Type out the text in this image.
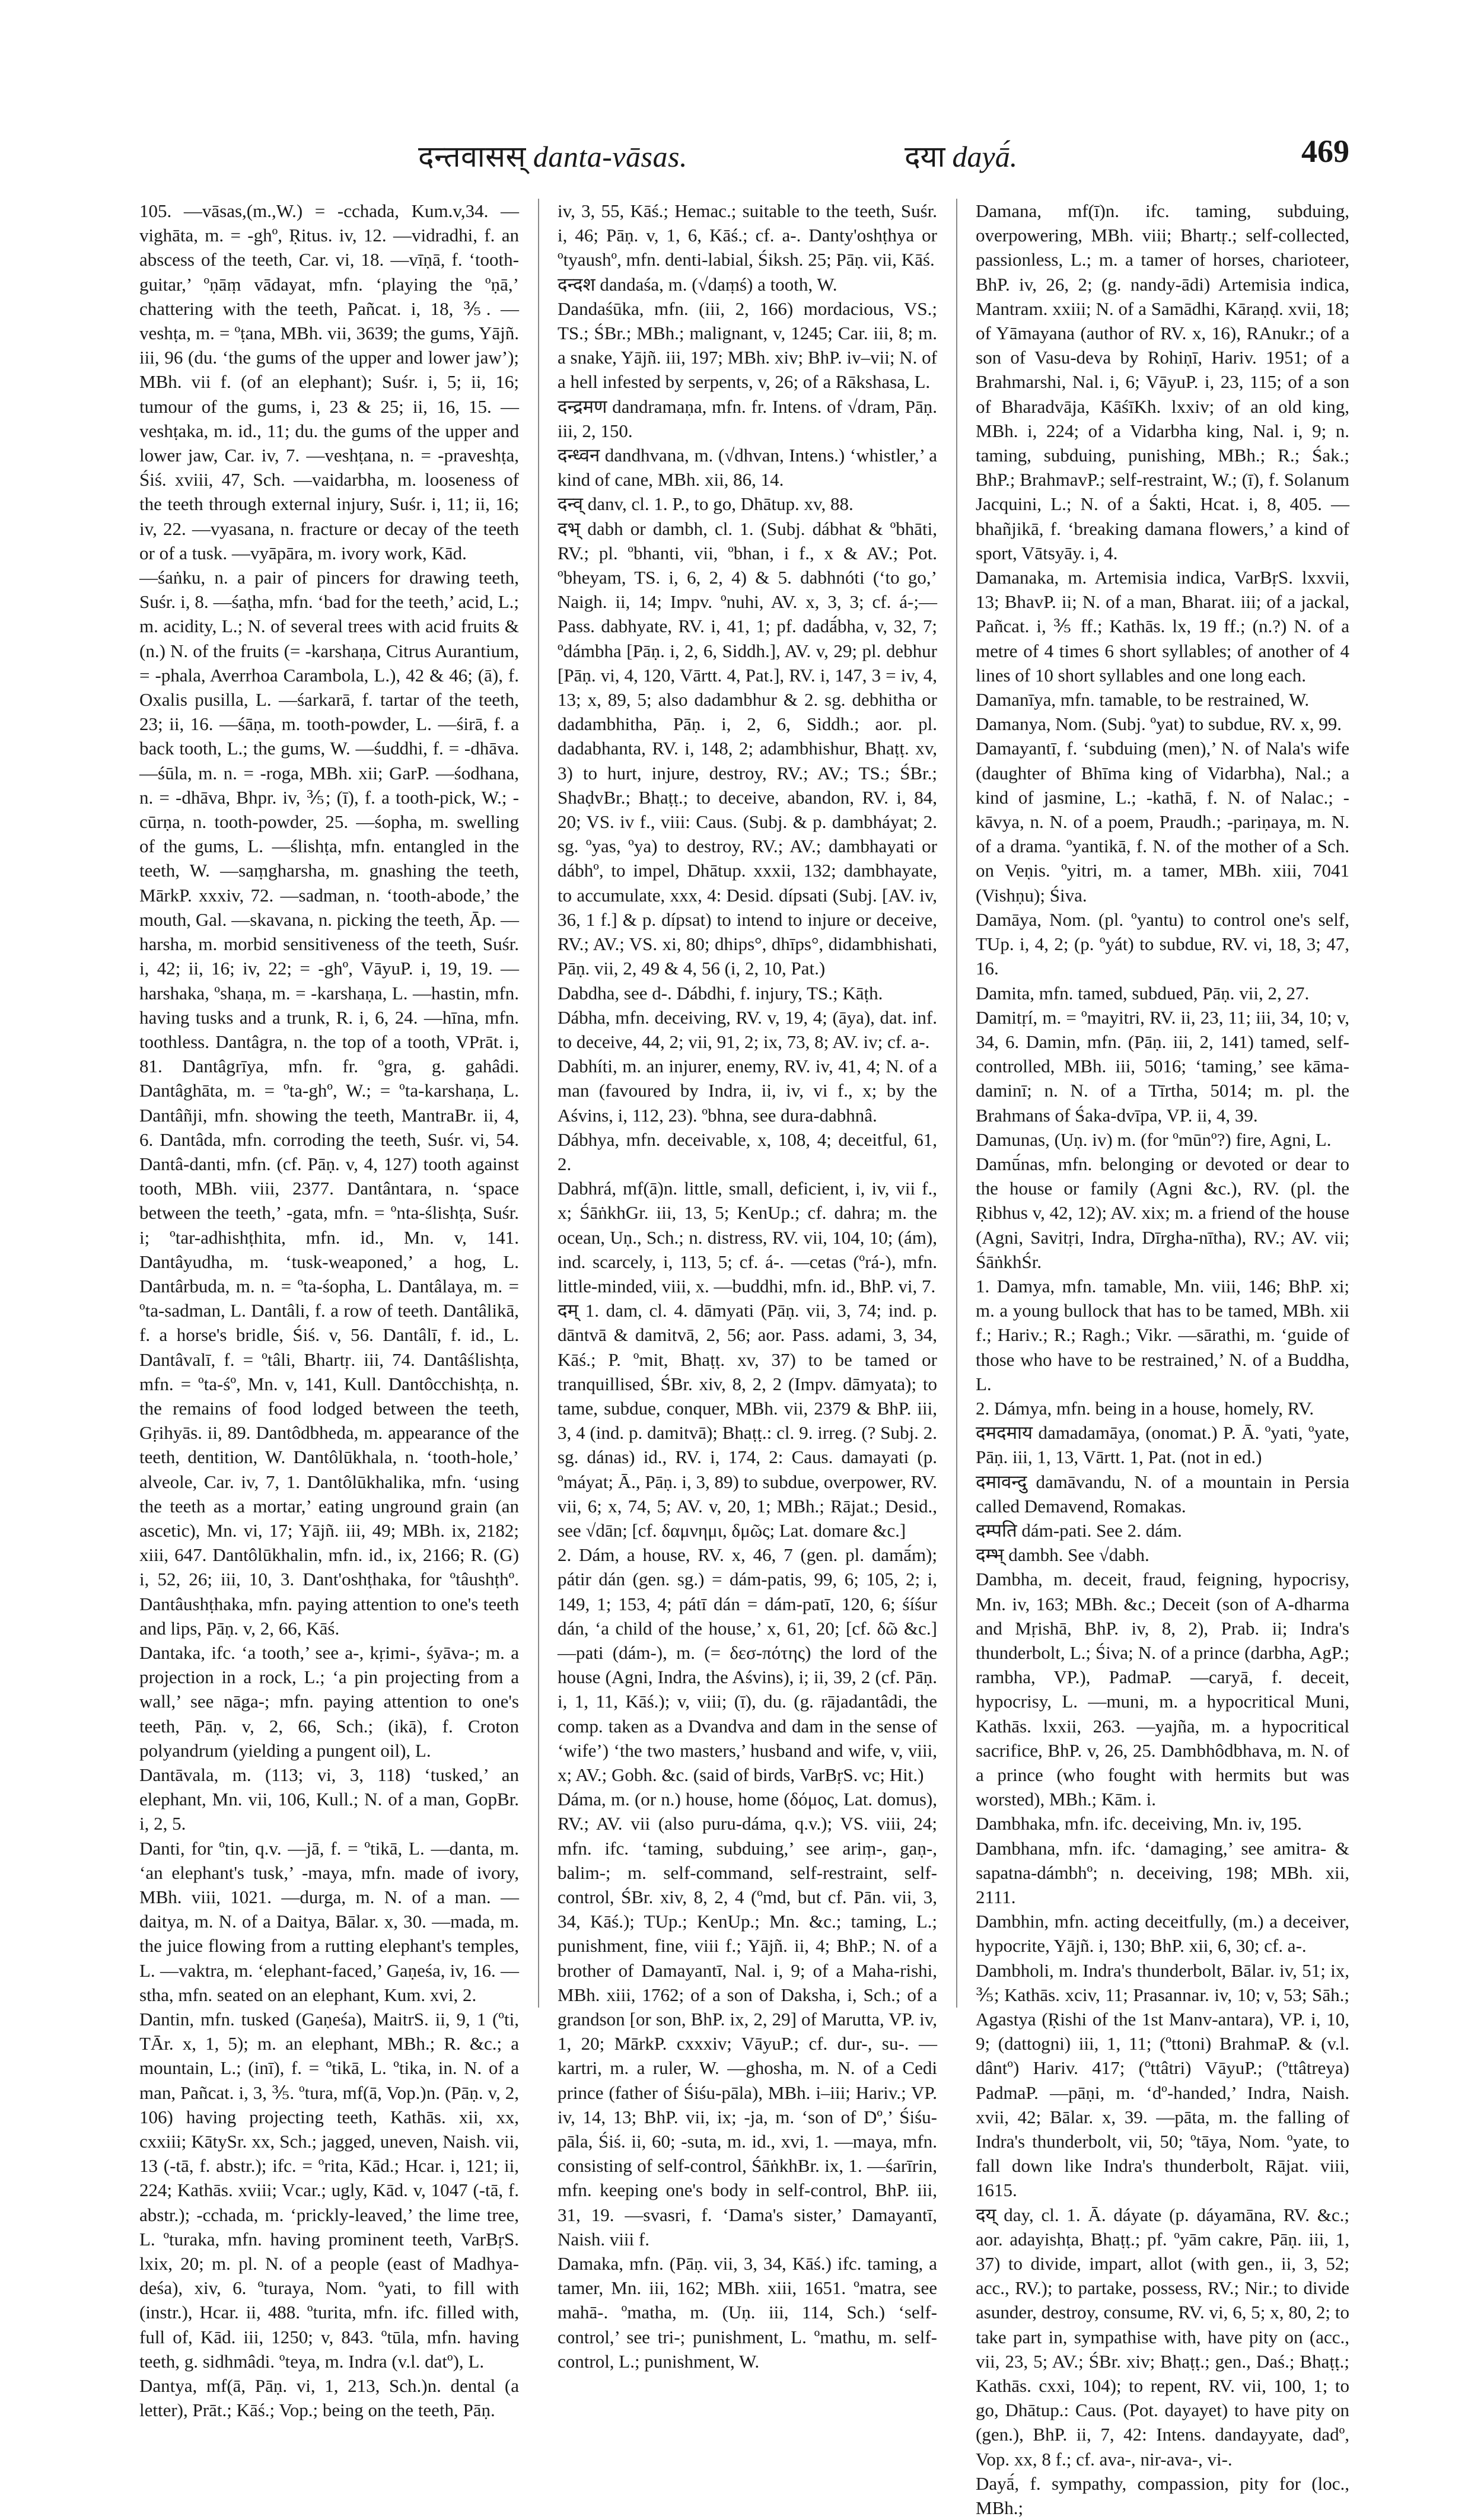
दन्तवासस् danta-vāsas.	दया dayā́.	469

105. —vāsas,(m.,W.) = -cchada, Kum.v,34. —vighāta, m. = -ghº, Ṛitus. iv, 12. —vidradhi, f. an abscess of the teeth, Car. vi, 18. —vīṇā, f. ‘tooth-guitar,’ ºṇāṃ vādayat, mfn. ‘playing the ºṇā,’ chattering with the teeth, Pañcat. i, 18, ⅗. —veshṭa, m. = ºṭana, MBh. vii, 3639; the gums, Yājñ. iii, 96 (du. ‘the gums of the upper and lower jaw’); MBh. vii f. (of an elephant); Suśr. i, 5; ii, 16; tumour of the gums, i, 23 & 25; ii, 16, 15. —veshṭaka, m. id., 11; du. the gums of the upper and lower jaw, Car. iv, 7. —veshṭana, n. = -praveshṭa, Śiś. xviii, 47, Sch. —vaidarbha, m. looseness of the teeth through external injury, Suśr. i, 11; ii, 16; iv, 22. —vyasana, n. fracture or decay of the teeth or of a tusk. —vyāpāra, m. ivory work, Kād.

—śaṅku, n. a pair of pincers for drawing teeth, Suśr. i, 8. —śaṭha, mfn. ‘bad for the teeth,’ acid, L.; m. acidity, L.; N. of several trees with acid fruits & (n.) N. of the fruits (= -karshaṇa, Citrus Aurantium, = -phala, Averrhoa Carambola, L.), 42 & 46; (ā), f. Oxalis pusilla, L. —śarkarā, f. tartar of the teeth, 23; ii, 16. —śāṇa, m. tooth-powder, L. —śirā, f. a back tooth, L.; the gums, W. —śuddhi, f. = -dhāva. —śūla, m. n. = -roga, MBh. xii; GarP. —śodhana, n. = -dhāva, Bhpr. iv, ⅗; (ī), f. a tooth-pick, W.; -cūrṇa, n. tooth-powder, 25. —śopha, m. swelling of the gums, L. —ślishṭa, mfn. entangled in the teeth, W. —saṃgharsha, m. gnashing the teeth, MārkP. xxxiv, 72. —sadman, n. ‘tooth-abode,’ the mouth, Gal. —skavana, n. picking the teeth, Āp. —harsha, m. morbid sensitiveness of the teeth, Suśr. i, 42; ii, 16; iv, 22; = -ghº, VāyuP. i, 19, 19. —harshaka, ºshaṇa, m. = -karshaṇa, L. —hastin, mfn. having tusks and a trunk, R. i, 6, 24. —hīna, mfn. toothless. Dantâgra, n. the top of a tooth, VPrāt. i, 81. Dantâgrīya, mfn. fr. ºgra, g. gahâdi. Dantâghāta, m. = ºta-ghº, W.; = ºta-karshaṇa, L. Dantâñji, mfn. showing the teeth, MantraBr. ii, 4, 6. Dantâda, mfn. corroding the teeth, Suśr. vi, 54. Dantâ-danti, mfn. (cf. Pāṇ. v, 4, 127) tooth against tooth, MBh. viii, 2377. Dantântara, n. ‘space between the teeth,’ -gata, mfn. = ºnta-ślishṭa, Suśr. i; ºtar-adhishṭhita, mfn. id., Mn. v, 141. Dantâyudha, m. ‘tusk-weaponed,’ a hog, L. Dantârbuda, m. n. = ºta-śopha, L. Dantâlaya, m. = ºta-sadman, L. Dantâli, f. a row of teeth. Dantâlikā, f. a horse's bridle, Śiś. v, 56. Dantâlī, f. id., L. Dantâvalī, f. = ºtâli, Bhartṛ. iii, 74. Dantâślishṭa, mfn. = ºta-śº, Mn. v, 141, Kull. Dantôcchishṭa, n. the remains of food lodged between the teeth, Gṛihyās. ii, 89. Dantôdbheda, m. appearance of the teeth, dentition, W. Dantôlūkhala, n. ‘tooth-hole,’ alveole, Car. iv, 7, 1. Dantôlūkhalika, mfn. ‘using the teeth as a mortar,’ eating unground grain (an ascetic), Mn. vi, 17; Yājñ. iii, 49; MBh. ix, 2182; xiii, 647. Dantôlūkhalin, mfn. id., ix, 2166; R. (G) i, 52, 26; iii, 10, 3. Dant'oshṭhaka, for ºtâushṭhº. Dantâushṭhaka, mfn. paying attention to one's teeth and lips, Pāṇ. v, 2, 66, Kāś.

Dantaka, ifc. ‘a tooth,’ see a-, kṛimi-, śyāva-; m. a projection in a rock, L.; ‘a pin projecting from a wall,’ see nāga-; mfn. paying attention to one's teeth, Pāṇ. v, 2, 66, Sch.; (ikā), f. Croton polyandrum (yielding a pungent oil), L.

Dantāvala, m. (113; vi, 3, 118) ‘tusked,’ an elephant, Mn. vii, 106, Kull.; N. of a man, GopBr. i, 2, 5.

Danti, for ºtin, q.v. —jā, f. = ºtikā, L. —danta, m. ‘an elephant's tusk,’ -maya, mfn. made of ivory, MBh. viii, 1021. —durga, m. N. of a man. —daitya, m. N. of a Daitya, Bālar. x, 30. —mada, m. the juice flowing from a rutting elephant's temples, L. —vaktra, m. ‘elephant-faced,’ Gaṇeśa, iv, 16. —stha, mfn. seated on an elephant, Kum. xvi, 2.

Dantin, mfn. tusked (Gaṇeśa), MaitrS. ii, 9, 1 (ºti, TĀr. x, 1, 5); m. an elephant, MBh.; R. &c.; a mountain, L.; (inī), f. = ºtikā, L. ºtika, in. N. of a man, Pañcat. i, 3, ⅗. ºtura, mf(ā, Vop.)n. (Pāṇ. v, 2, 106) having projecting teeth, Kathās. xii, xx, cxxiii; KātySr. xx, Sch.; jagged, uneven, Naish. vii, 13 (-tā, f. abstr.); ifc. = ºrita, Kād.; Hcar. i, 121; ii, 224; Kathās. xviii; Vcar.; ugly, Kād. v, 1047 (-tā, f. abstr.); -cchada, m. ‘prickly-leaved,’ the lime tree, L. ºturaka, mfn. having prominent teeth, VarBṛS. lxix, 20; m. pl. N. of a people (east of Madhya-deśa), xiv, 6. ºturaya, Nom. ºyati, to fill with (instr.), Hcar. ii, 488. ºturita, mfn. ifc. filled with, full of, Kād. iii, 1250; v, 843. ºtūla, mfn. having teeth, g. sidhmâdi. ºteya, m. Indra (v.l. datº), L.

Dantya, mf(ā, Pāṇ. vi, 1, 213, Sch.)n. dental (a letter), Prāt.; Kāś.; Vop.; being on the teeth, Pāṇ.

iv, 3, 55, Kāś.; Hemac.; suitable to the teeth, Suśr. i, 46; Pāṇ. v, 1, 6, Kāś.; cf. a-. Danty'oshṭhya or ºtyaushº, mfn. denti-labial, Śiksh. 25; Pāṇ. vii, Kāś.

दन्दश dandaśa, m. (√daṃś) a tooth, W.

Dandaśūka, mfn. (iii, 2, 166) mordacious, VS.; TS.; ŚBr.; MBh.; malignant, v, 1245; Car. iii, 8; m. a snake, Yājñ. iii, 197; MBh. xiv; BhP. iv–vii; N. of a hell infested by serpents, v, 26; of a Rākshasa, L.

दन्द्रमण dandramaṇa, mfn. fr. Intens. of √dram, Pāṇ. iii, 2, 150.

दन्ध्वन dandhvana, m. (√dhvan, Intens.) ‘whistler,’ a kind of cane, MBh. xii, 86, 14.

दन्व् danv, cl. 1. P., to go, Dhātup. xv, 88.

दभ् dabh or dambh, cl. 1. (Subj. dábhat & ºbhāti, RV.; pl. ºbhanti, vii, ºbhan, i f., x & AV.; Pot. ºbheyam, TS. i, 6, 2, 4) & 5. dabhnóti (‘to go,’ Naigh. ii, 14; Impv. ºnuhi, AV. x, 3, 3; cf. á-;— Pass. dabhyate, RV. i, 41, 1; pf. dadā́bha, v, 32, 7; ºdámbha [Pāṇ. i, 2, 6, Siddh.], AV. v, 29; pl. debhur [Pāṇ. vi, 4, 120, Vārtt. 4, Pat.], RV. i, 147, 3 = iv, 4, 13; x, 89, 5; also dadambhur & 2. sg. debhitha or dadambhitha, Pāṇ. i, 2, 6, Siddh.; aor. pl. dadabhanta, RV. i, 148, 2; adambhishur, Bhaṭṭ. xv, 3) to hurt, injure, destroy, RV.; AV.; TS.; ŚBr.; ShaḍvBr.; Bhaṭṭ.; to deceive, abandon, RV. i, 84, 20; VS. iv f., viii: Caus. (Subj. & p. dambháyat; 2. sg. ºyas, ºya) to destroy, RV.; AV.; dambhayati or dábhº, to impel, Dhātup. xxxii, 132; dambhayate, to accumulate, xxx, 4: Desid. dípsati (Subj. [AV. iv, 36, 1 f.] & p. dípsat) to intend to injure or deceive, RV.; AV.; VS. xi, 80; dhips°, dhīps°, didambhishati, Pāṇ. vii, 2, 49 & 4, 56 (i, 2, 10, Pat.)

Dabdha, see d-. Dábdhi, f. injury, TS.; Kāṭh.

Dábha, mfn. deceiving, RV. v, 19, 4; (āya), dat. inf. to deceive, 44, 2; vii, 91, 2; ix, 73, 8; AV. iv; cf. a-.

Dabhíti, m. an injurer, enemy, RV. iv, 41, 4; N. of a man (favoured by Indra, ii, iv, vi f., x; by the Aśvins, i, 112, 23). ºbhna, see dura-dabhnâ.

Dábhya, mfn. deceivable, x, 108, 4; deceitful, 61, 2.

Dabhrá, mf(ā)n. little, small, deficient, i, iv, vii f., x; ŚāṅkhGr. iii, 13, 5; KenUp.; cf. dahra; m. the ocean, Uṇ., Sch.; n. distress, RV. vii, 104, 10; (ám), ind. scarcely, i, 113, 5; cf. á-. —cetas (ºrá-), mfn. little-minded, viii, x. —buddhi, mfn. id., BhP. vi, 7.

दम् 1. dam, cl. 4. dāmyati (Pāṇ. vii, 3, 74; ind. p. dāntvā & damitvā, 2, 56; aor. Pass. adami, 3, 34, Kāś.; P. ºmit, Bhaṭṭ. xv, 37) to be tamed or tranquillised, ŚBr. xiv, 8, 2, 2 (Impv. dāmyata); to tame, subdue, conquer, MBh. vii, 2379 & BhP. iii, 3, 4 (ind. p. damitvā); Bhaṭṭ.: cl. 9. irreg. (? Subj. 2. sg. dánas) id., RV. i, 174, 2: Caus. damayati (p. ºmáyat; Ā., Pāṇ. i, 3, 89) to subdue, overpower, RV. vii, 6; x, 74, 5; AV. v, 20, 1; MBh.; Rājat.; Desid., see √dān; [cf. δαμνημι, δμῶς; Lat. domare &c.]

2. Dám, a house, RV. x, 46, 7 (gen. pl. damā́m); pátir dán (gen. sg.) = dám-patis, 99, 6; 105, 2; i, 149, 1; 153, 4; pátī dán = dám-patī, 120, 6; śíśur dán, ‘a child of the house,’ x, 61, 20; [cf. δῶ &c.] —pati (dám-), m. (= δεσ-πότης) the lord of the house (Agni, Indra, the Aśvins), i; ii, 39, 2 (cf. Pāṇ. i, 1, 11, Kāś.); v, viii; (ī), du. (g. rājadantâdi, the comp. taken as a Dvandva and dam in the sense of ‘wife’) ‘the two masters,’ husband and wife, v, viii, x; AV.; Gobh. &c. (said of birds, VarBṛS. vc; Hit.)

Dáma, m. (or n.) house, home (δόμος, Lat. domus), RV.; AV. vii (also puru-dáma, q.v.); VS. viii, 24; mfn. ifc. ‘taming, subduing,’ see ariṃ-, gaṇ-, balim-; m. self-command, self-restraint, self-control, ŚBr. xiv, 8, 2, 4 (ºmd, but cf. Pān. vii, 3, 34, Kāś.); TUp.; KenUp.; Mn. &c.; taming, L.; punishment, fine, viii f.; Yājñ. ii, 4; BhP.; N. of a brother of Damayantī, Nal. i, 9; of a Maha-rishi, MBh. xiii, 1762; of a son of Daksha, i, Sch.; of a grandson [or son, BhP. ix, 2, 29] of Marutta, VP. iv, 1, 20; MārkP. cxxxiv; VāyuP.; cf. dur-, su-. —kartri, m. a ruler, W. —ghosha, m. N. of a Cedi prince (father of Śiśu-pāla), MBh. i–iii; Hariv.; VP. iv, 14, 13; BhP. vii, ix; -ja, m. ‘son of Dº,’ Śiśu-pāla, Śiś. ii, 60; -suta, m. id., xvi, 1. —maya, mfn. consisting of self-control, ŚāṅkhBr. ix, 1. —śarīrin, mfn. keeping one's body in self-control, BhP. iii, 31, 19. —svasri, f. ‘Dama's sister,’ Damayantī, Naish. viii f.

Damaka, mfn. (Pāṇ. vii, 3, 34, Kāś.) ifc. taming, a tamer, Mn. iii, 162; MBh. xiii, 1651. ºmatra, see mahā-. ºmatha, m. (Uṇ. iii, 114, Sch.) ‘self-control,’ see tri-; punishment, L. ºmathu, m. self-control, L.; punishment, W.

Damana, mf(ī)n. ifc. taming, subduing, overpowering, MBh. viii; Bhartṛ.; self-collected, passionless, L.; m. a tamer of horses, charioteer, BhP. iv, 26, 2; (g. nandy-ādi) Artemisia indica, Mantram. xxiii; N. of a Samādhi, Kāraṇḍ. xvii, 18; of Yāmayana (author of RV. x, 16), RAnukr.; of a son of Vasu-deva by Rohiṇī, Hariv. 1951; of a Brahmarshi, Nal. i, 6; VāyuP. i, 23, 115; of a son of Bharadvāja, KāśīKh. lxxiv; of an old king, MBh. i, 224; of a Vidarbha king, Nal. i, 9; n. taming, subduing, punishing, MBh.; R.; Śak.; BhP.; BrahmavP.; self-restraint, W.; (ī), f. Solanum Jacquini, L.; N. of a Śakti, Hcat. i, 8, 405. —bhañjikā, f. ‘breaking damana flowers,’ a kind of sport, Vātsyāy. i, 4.

Damanaka, m. Artemisia indica, VarBṛS. lxxvii, 13; BhavP. ii; N. of a man, Bharat. iii; of a jackal, Pañcat. i, ⅗ ff.; Kathās. lx, 19 ff.; (n.?) N. of a metre of 4 times 6 short syllables; of another of 4 lines of 10 short syllables and one long each.

Damanīya, mfn. tamable, to be restrained, W.

Damanya, Nom. (Subj. ºyat) to subdue, RV. x, 99.

Damayantī, f. ‘subduing (men),’ N. of Nala's wife (daughter of Bhīma king of Vidarbha), Nal.; a kind of jasmine, L.; -kathā, f. N. of Nalac.; -kāvya, n. N. of a poem, Praudh.; -pariṇaya, m. N. of a drama. ºyantikā, f. N. of the mother of a Sch. on Veṇis. ºyitri, m. a tamer, MBh. xiii, 7041 (Vishṇu); Śiva.

Damāya, Nom. (pl. ºyantu) to control one's self, TUp. i, 4, 2; (p. ºyát) to subdue, RV. vi, 18, 3; 47, 16.

Damita, mfn. tamed, subdued, Pāṇ. vii, 2, 27.

Damitṛí, m. = ºmayitri, RV. ii, 23, 11; iii, 34, 10; v, 34, 6. Damin, mfn. (Pāṇ. iii, 2, 141) tamed, self-controlled, MBh. iii, 5016; ‘taming,’ see kāma-daminī; n. N. of a Tīrtha, 5014; m. pl. the Brahmans of Śaka-dvīpa, VP. ii, 4, 39.

Damunas, (Uṇ. iv) m. (for ºmūnº?) fire, Agni, L.

Damū́nas, mfn. belonging or devoted or dear to the house or family (Agni &c.), RV. (pl. the Ṛibhus v, 42, 12); AV. xix; m. a friend of the house (Agni, Savitṛi, Indra, Dīrgha-nītha), RV.; AV. vii; ŚāṅkhŚr.

1. Damya, mfn. tamable, Mn. viii, 146; BhP. xi; m. a young bullock that has to be tamed, MBh. xii f.; Hariv.; R.; Ragh.; Vikr. —sārathi, m. ‘guide of those who have to be restrained,’ N. of a Buddha, L.

2. Dámya, mfn. being in a house, homely, RV.

दमदमाय damadamāya, (onomat.) P. Ā. ºyati, ºyate, Pāṇ. iii, 1, 13, Vārtt. 1, Pat. (not in ed.)

दमावन्दु damāvandu, N. of a mountain in Persia called Demavend, Romakas.

दम्पति dám-pati. See 2. dám.

दम्भ् dambh. See √dabh.

Dambha, m. deceit, fraud, feigning, hypocrisy, Mn. iv, 163; MBh. &c.; Deceit (son of A-dharma and Mṛishā, BhP. iv, 8, 2), Prab. ii; Indra's thunderbolt, L.; Śiva; N. of a prince (darbha, AgP.; rambha, VP.), PadmaP. —caryā, f. deceit, hypocrisy, L. —muni, m. a hypocritical Muni, Kathās. lxxii, 263. —yajña, m. a hypocritical sacrifice, BhP. v, 26, 25. Dambhôdbhava, m. N. of a prince (who fought with hermits but was worsted), MBh.; Kām. i.

Dambhaka, mfn. ifc. deceiving, Mn. iv, 195.

Dambhana, mfn. ifc. ‘damaging,’ see amitra- & sapatna-dámbhº; n. deceiving, 198; MBh. xii, 2111.

Dambhin, mfn. acting deceitfully, (m.) a deceiver, hypocrite, Yājñ. i, 130; BhP. xii, 6, 30; cf. a-.

Dambholi, m. Indra's thunderbolt, Bālar. iv, 51; ix, ⅗; Kathās. xciv, 11; Prasannar. iv, 10; v, 53; Sāh.; Agastya (Ṛishi of the 1st Manv-antara), VP. i, 10, 9; (dattogni) iii, 1, 11; (ºttoni) BrahmaP. & (v.l. dântº) Hariv. 417; (ºttâtri) VāyuP.; (ºttâtreya) PadmaP. —pāṇi, m. ‘dº-handed,’ Indra, Naish. xvii, 42; Bālar. x, 39. —pāta, m. the falling of Indra's thunderbolt, vii, 50; ºtāya, Nom. ºyate, to fall down like Indra's thunderbolt, Rājat. viii, 1615.

दय् day, cl. 1. Ā. dáyate (p. dáyamāna, RV. &c.; aor. adayishṭa, Bhaṭṭ.; pf. ºyām cakre, Pāṇ. iii, 1, 37) to divide, impart, allot (with gen., ii, 3, 52; acc., RV.); to partake, possess, RV.; Nir.; to divide asunder, destroy, consume, RV. vi, 6, 5; x, 80, 2; to take part in, sympathise with, have pity on (acc., vii, 23, 5; AV.; ŚBr. xiv; Bhaṭṭ.; gen., Daś.; Bhaṭṭ.; Kathās. cxxi, 104); to repent, RV. vii, 100, 1; to go, Dhātup.: Caus. (Pot. dayayet) to have pity on (gen.), BhP. ii, 7, 42: Intens. dandayyate, dadº, Vop. xx, 8 f.; cf. ava-, nir-ava-, vi-.

Dayā́, f. sympathy, compassion, pity for (loc., MBh.;
